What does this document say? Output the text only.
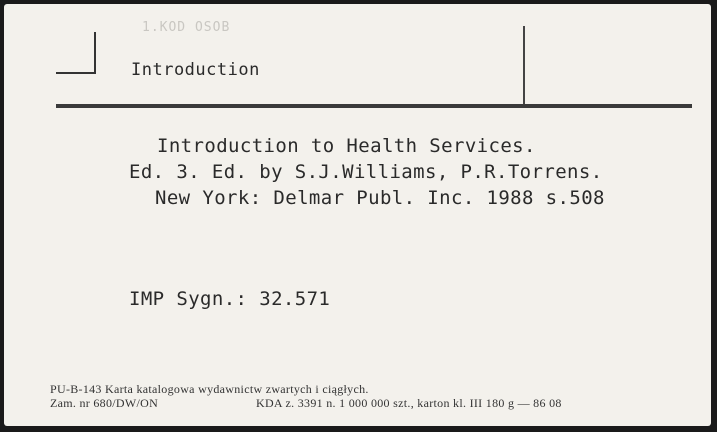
1.KOD OSOB
Introduction
Introduction to Health Services.
Ed. 3. Ed. by S.J.Williams, P.R.Torrens.
New York: Delmar Publ. Inc. 1988 s.508
IMP Sygn.: 32.571
PU-B-143 Karta katalogowa wydawnictw zwartych i ciągłych.
Zam. nr 680/DW/ON	KDA z. 3391 n. 1 000 000 szt., karton kl. III 180 g — 86 08
